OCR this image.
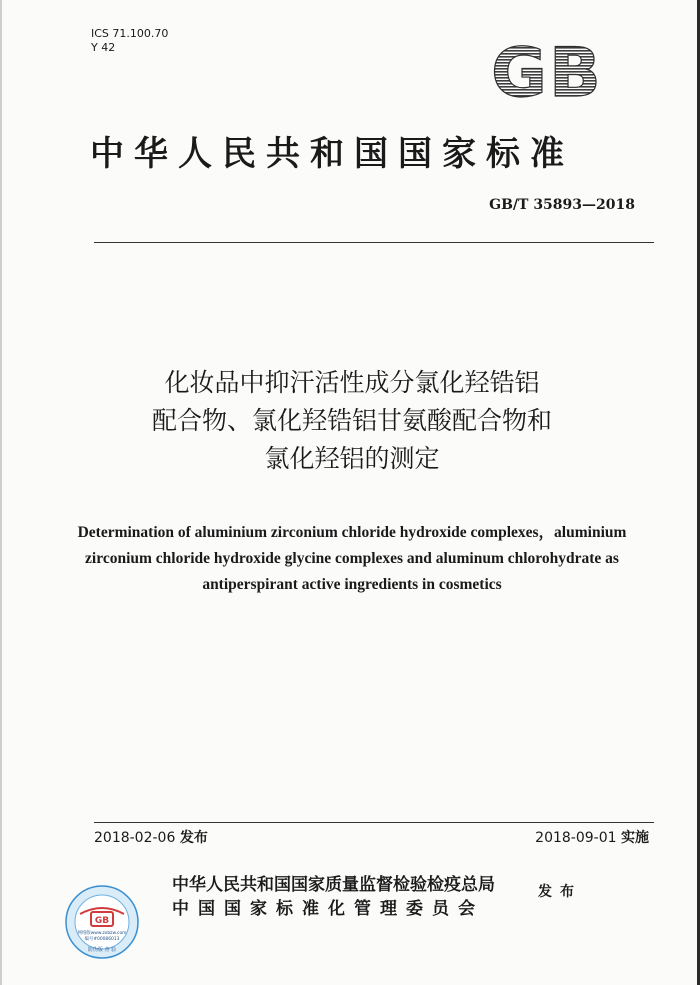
ICS 71.100.70
Y 42	GB
中华人民共和国国家标准
GB/T 35893—2018
化妆品中抑汗活性成分氯化羟锆铝
配合物、氯化羟锆铝甘氨酸配合物和
氯化羟铝的测定
Determination of aluminium zirconium chloride hydroxide complexes，aluminium
zirconium chloride hydroxide glycine complexes and aluminum chlorohydrate as
antiperspirant active ingredients in cosmetics
2018-02-06 发布	2018-09-01 实施
GB
网络版www.zxbzw.com
编号#00086013
防伪版 查 验
中华人民共和国国家质量监督检验检疫总局
中国国家标准化管理委员会
发布
